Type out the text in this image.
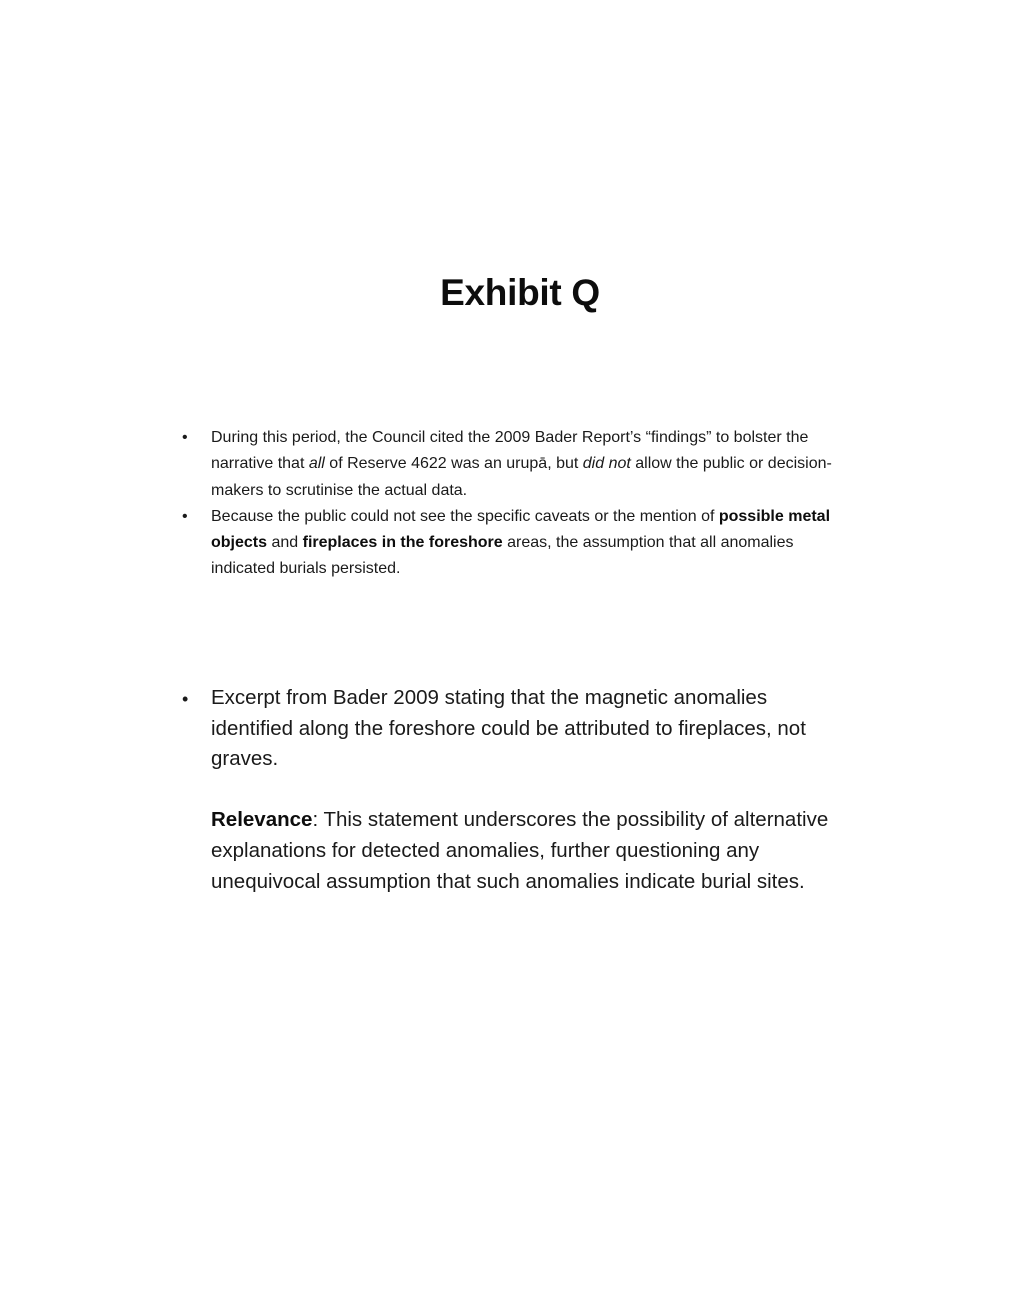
Exhibit Q
• During this period, the Council cited the 2009 Bader Report’s “findings” to bolster the narrative that all of Reserve 4622 was an urupā, but did not allow the public or decision-makers to scrutinise the actual data.
• Because the public could not see the specific caveats or the mention of possible metal objects and fireplaces in the foreshore areas, the assumption that all anomalies indicated burials persisted.
• Excerpt from Bader 2009 stating that the magnetic anomalies identified along the foreshore could be attributed to fireplaces, not graves.
Relevance: This statement underscores the possibility of alternative explanations for detected anomalies, further questioning any unequivocal assumption that such anomalies indicate burial sites.
